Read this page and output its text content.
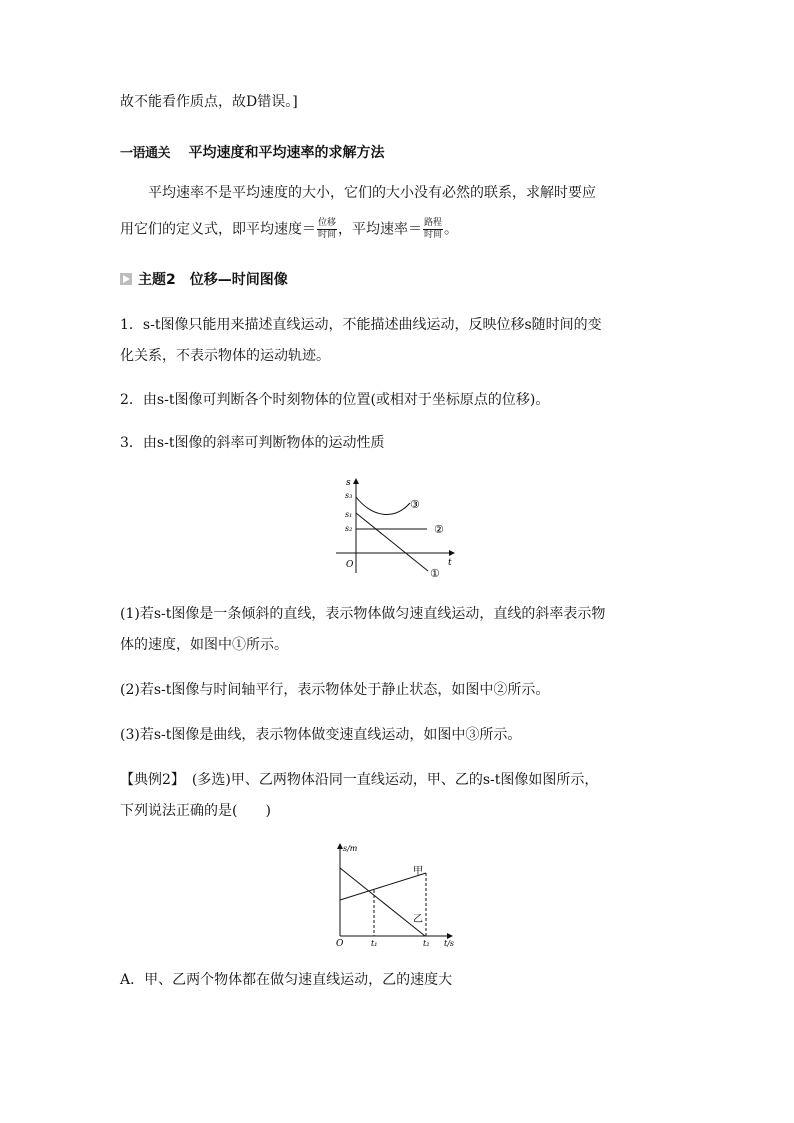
故不能看作质点，故D错误。]
一语通关 平均速度和平均速率的求解方法
平均速率不是平均速度的大小，它们的大小没有必然的联系，求解时要应
用它们的定义式，即平均速度＝ $\frac{\text{位移}}{\text{时间}}$ ，平均速率＝ $\frac{\text{路程}}{\text{时间}}$ 。
主题2　位移—时间图像
1．s-t图像只能用来描述直线运动，不能描述曲线运动，反映位移s随时间的变
化关系，不表示物体的运动轨迹。
2．由s-t图像可判断各个时刻物体的位置(或相对于坐标原点的位移)。
3．由s-t图像的斜率可判断物体的运动性质
s
s₃
s₁
s₂
t
O
③
②
①
(1)若s-t图像是一条倾斜的直线，表示物体做匀速直线运动，直线的斜率表示物
体的速度，如图中①所示。
(2)若s-t图像与时间轴平行，表示物体处于静止状态，如图中②所示。
(3)若s-t图像是曲线，表示物体做变速直线运动，如图中③所示。
【典例2】　(多选)甲、乙两物体沿同一直线运动，甲、乙的s-t图像如图所示，
下列说法正确的是(　　)
s/m
t/s
O	t₁	t₂
甲
乙
A．甲、乙两个物体都在做匀速直线运动，乙的速度大
